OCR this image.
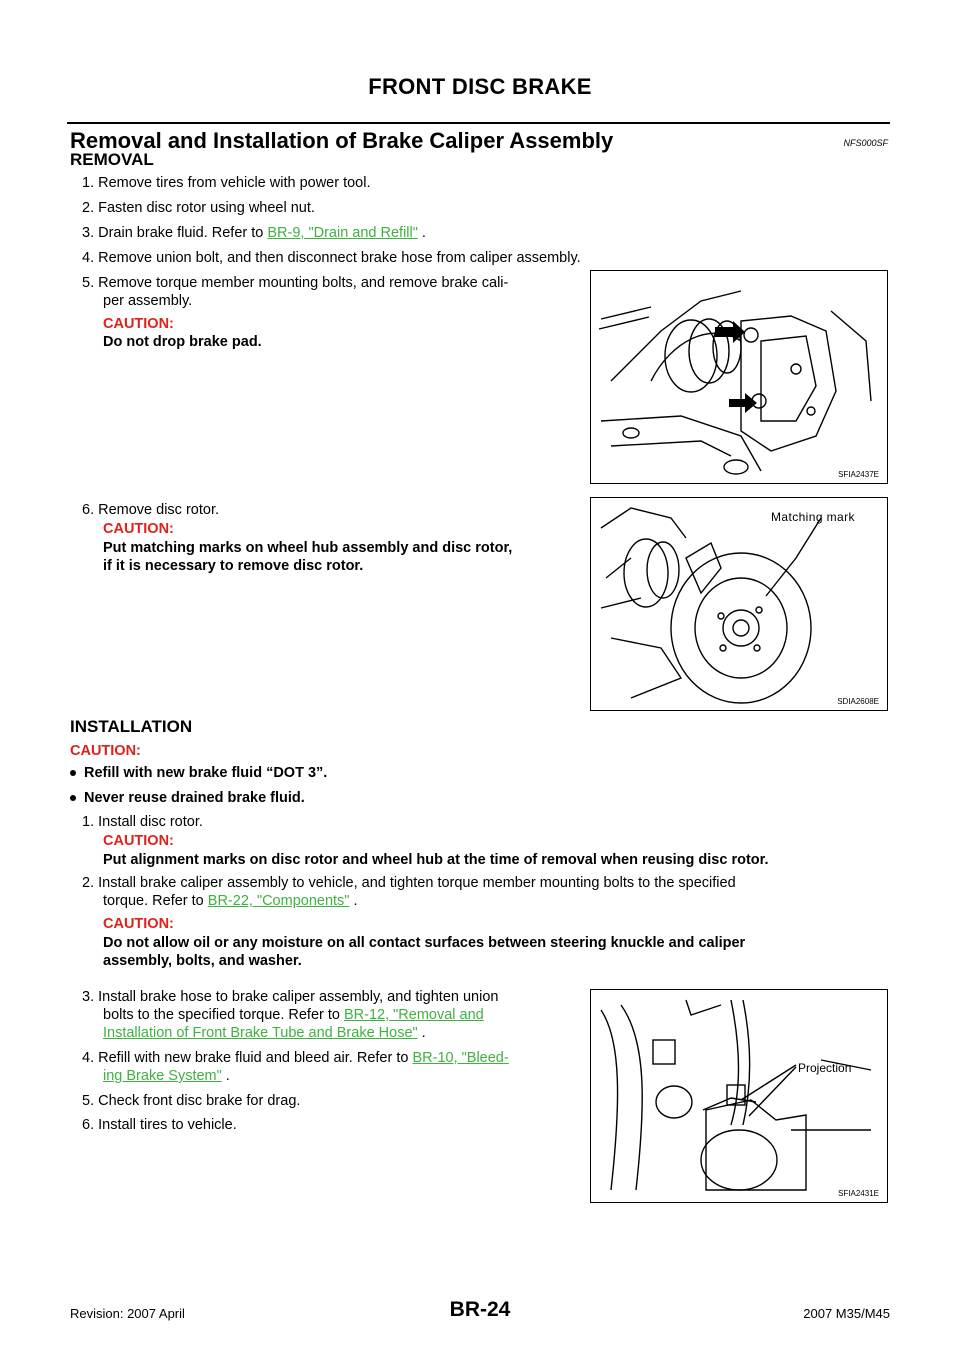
FRONT DISC BRAKE
Removal and Installation of Brake Caliper Assembly	NFS000SF
REMOVAL
1. Remove tires from vehicle with power tool.
2. Fasten disc rotor using wheel nut.
3. Drain brake fluid. Refer to BR-9, "Drain and Refill" .
4. Remove union bolt, and then disconnect brake hose from caliper assembly.
5. Remove torque member mounting bolts, and remove brake cali-
per assembly.
CAUTION:
Do not drop brake pad.
SFIA2437E
6. Remove disc rotor.
CAUTION:
Put matching marks on wheel hub assembly and disc rotor,
if it is necessary to remove disc rotor.
Matching mark
SDIA2608E
INSTALLATION
CAUTION:
Refill with new brake fluid “DOT 3”.
Never reuse drained brake fluid.
1. Install disc rotor.
CAUTION:
Put alignment marks on disc rotor and wheel hub at the time of removal when reusing disc rotor.
2. Install brake caliper assembly to vehicle, and tighten torque member mounting bolts to the specified
torque. Refer to BR-22, "Components" .
CAUTION:
Do not allow oil or any moisture on all contact surfaces between steering knuckle and caliper
assembly, bolts, and washer.
3. Install brake hose to brake caliper assembly, and tighten union
bolts to the specified torque. Refer to BR-12, "Removal and
Installation of Front Brake Tube and Brake Hose" .
4. Refill with new brake fluid and bleed air. Refer to BR-10, "Bleed-
ing Brake System" .
5. Check front disc brake for drag.
6. Install tires to vehicle.
Projection
SFIA2431E
Revision: 2007 April	BR-24	2007 M35/M45
